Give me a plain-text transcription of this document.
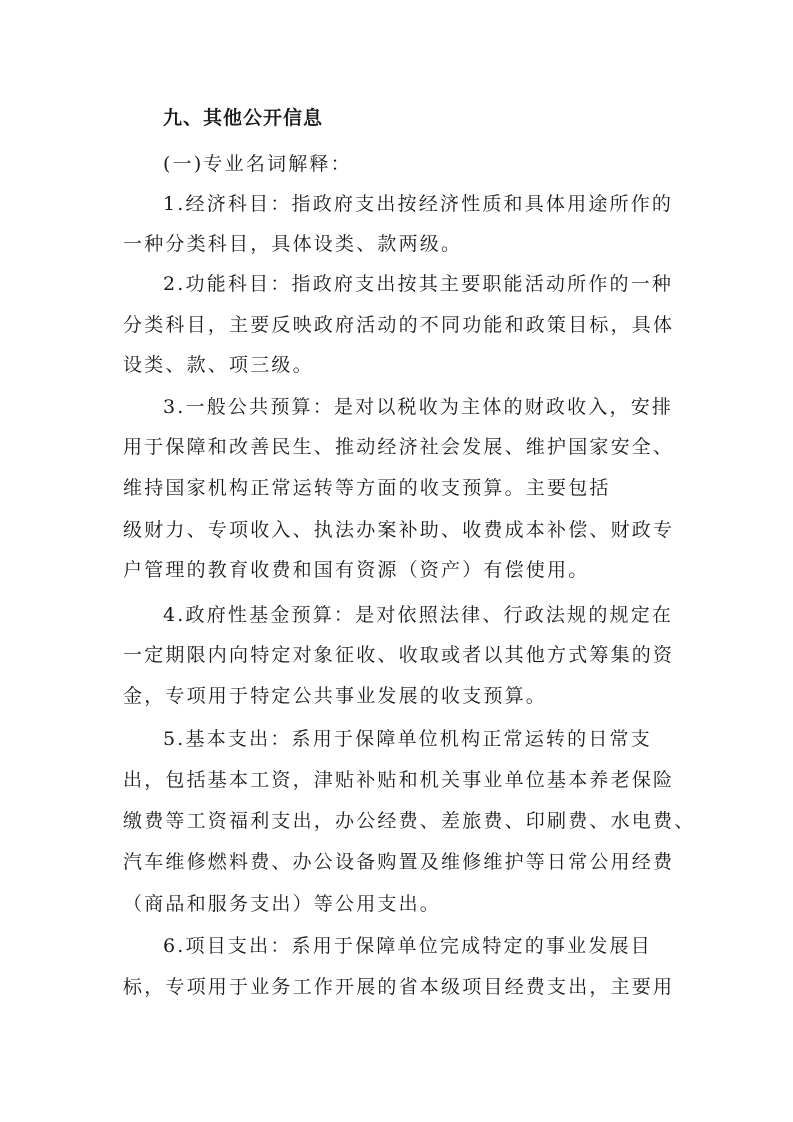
九、其他公开信息
(一)专业名词解释：
1.经济科目：指政府支出按经济性质和具体用途所作的
一种分类科目，具体设类、款两级。
2.功能科目：指政府支出按其主要职能活动所作的一种
分类科目，主要反映政府活动的不同功能和政策目标，具体
设类、款、项三级。
3.一般公共预算：是对以税收为主体的财政收入，安排
用于保障和改善民生、推动经济社会发展、维护国家安全、
维持国家机构正常运转等方面的收支预算。主要包括
级财力、专项收入、执法办案补助、收费成本补偿、财政专
户管理的教育收费和国有资源（资产）有偿使用。
4.政府性基金预算：是对依照法律、行政法规的规定在
一定期限内向特定对象征收、收取或者以其他方式筹集的资
金，专项用于特定公共事业发展的收支预算。
5.基本支出：系用于保障单位机构正常运转的日常支
出，包括基本工资，津贴补贴和机关事业单位基本养老保险
缴费等工资福利支出，办公经费、差旅费、印刷费、水电费、
汽车维修燃料费、办公设备购置及维修维护等日常公用经费
（商品和服务支出）等公用支出。
6.项目支出：系用于保障单位完成特定的事业发展目
标，专项用于业务工作开展的省本级项目经费支出，主要用
